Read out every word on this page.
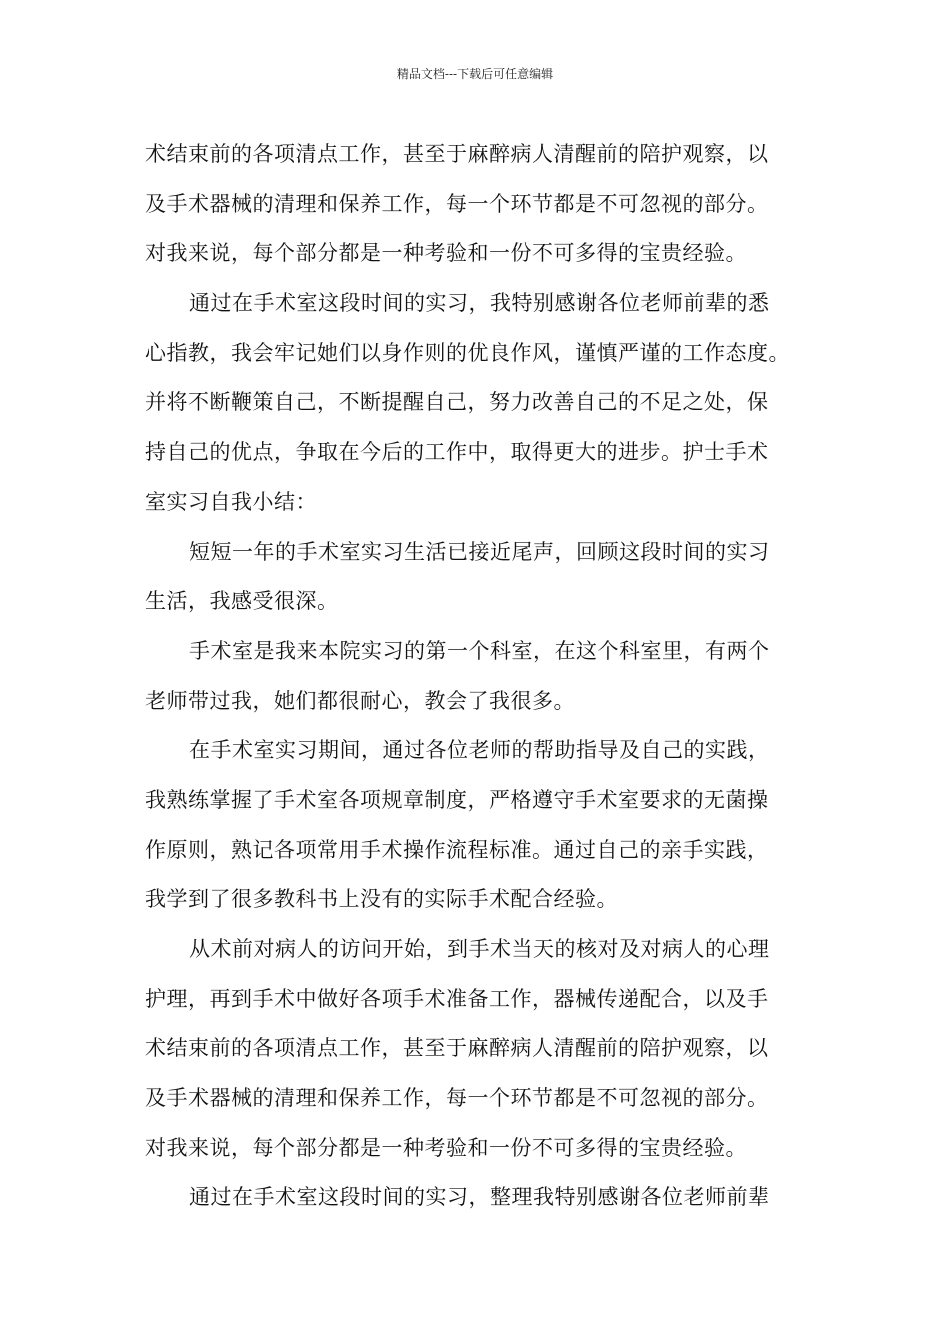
精品文档---下载后可任意编辑
术结束前的各项清点工作，甚至于麻醉病人清醒前的陪护观察，以
及手术器械的清理和保养工作，每一个环节都是不可忽视的部分。
对我来说，每个部分都是一种考验和一份不可多得的宝贵经验。
通过在手术室这段时间的实习，我特别感谢各位老师前辈的悉
心指教，我会牢记她们以身作则的优良作风，谨慎严谨的工作态度。
并将不断鞭策自己，不断提醒自己，努力改善自己的不足之处，保
持自己的优点，争取在今后的工作中，取得更大的进步。护士手术
室实习自我小结：
短短一年的手术室实习生活已接近尾声，回顾这段时间的实习
生活，我感受很深。
手术室是我来本院实习的第一个科室，在这个科室里，有两个
老师带过我，她们都很耐心，教会了我很多。
在手术室实习期间，通过各位老师的帮助指导及自己的实践，
我熟练掌握了手术室各项规章制度，严格遵守手术室要求的无菌操
作原则，熟记各项常用手术操作流程标准。通过自己的亲手实践，
我学到了很多教科书上没有的实际手术配合经验。
从术前对病人的访问开始，到手术当天的核对及对病人的心理
护理，再到手术中做好各项手术准备工作，器械传递配合，以及手
术结束前的各项清点工作，甚至于麻醉病人清醒前的陪护观察，以
及手术器械的清理和保养工作，每一个环节都是不可忽视的部分。
对我来说，每个部分都是一种考验和一份不可多得的宝贵经验。
通过在手术室这段时间的实习，整理我特别感谢各位老师前辈
